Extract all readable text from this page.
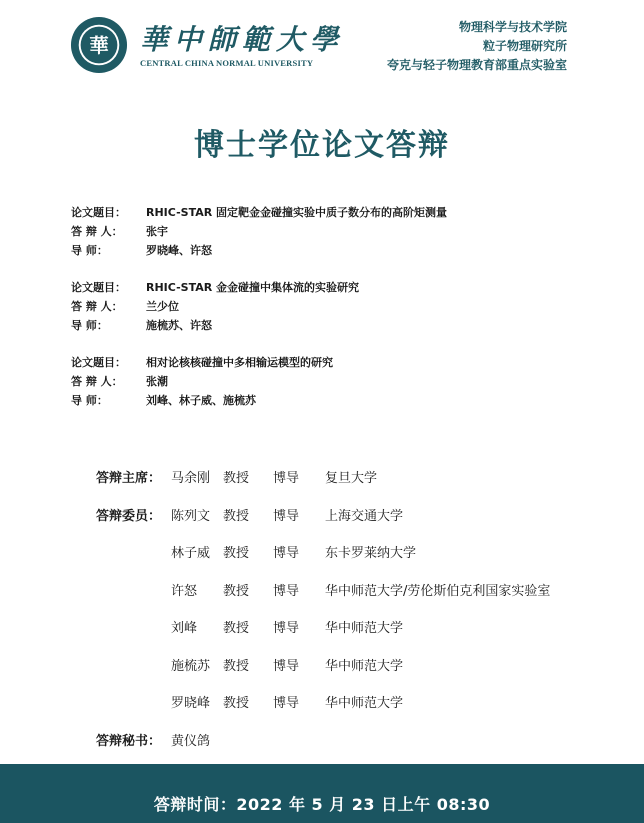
華 華中師範大學
CENTRAL CHINA NORMAL UNIVERSITY
物理科学与技术学院
粒子物理研究所
夸克与轻子物理教育部重点实验室
博士学位论文答辩
论文题目：	RHIC-STAR 固定靶金金碰撞实验中质子数分布的高阶矩测量
答 辩 人：	张宇
导 师：	罗晓峰、许怒
论文题目：	RHIC-STAR 金金碰撞中集体流的实验研究
答 辩 人：	兰少位
导 师：	施梳苏、许怒
论文题目：	相对论核核碰撞中多相输运模型的研究
答 辩 人：	张潮
导 师：	刘峰、林子威、施梳苏
答辩主席： 马余刚 教授	博导	复旦大学
答辩委员： 陈列文 教授	博导	上海交通大学
林子威 教授	博导	东卡罗莱纳大学
许怒	教授	博导	华中师范大学/劳伦斯伯克利国家实验室
刘峰	教授	博导	华中师范大学
施梳苏 教授	博导	华中师范大学
罗晓峰 教授	博导	华中师范大学
答辩秘书： 黄仪鸽
答辩时间：2022 年 5 月 23 日上午 08:30
